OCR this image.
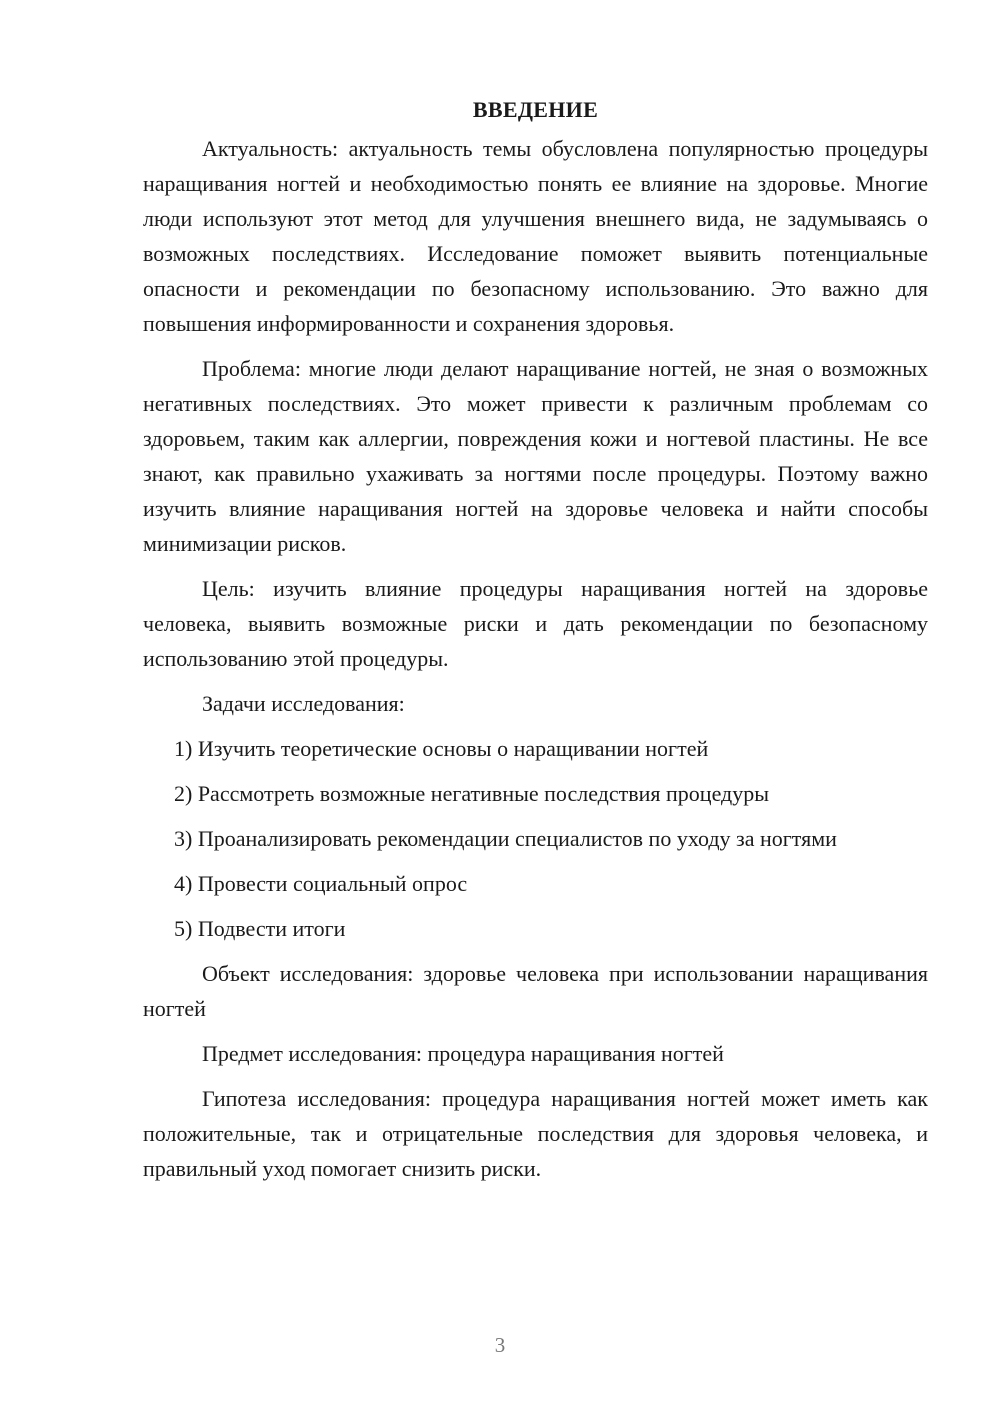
ВВЕДЕНИЕ

Актуальность: актуальность темы обусловлена популярностью процедуры наращивания ногтей и необходимостью понять ее влияние на здоровье. Многие люди используют этот метод для улучшения внешнего вида, не задумываясь о возможных последствиях. Исследование поможет выявить потенциальные опасности и рекомендации по безопасному использованию. Это важно для повышения информированности и сохранения здоровья.

Проблема: многие люди делают наращивание ногтей, не зная о возможных негативных последствиях. Это может привести к различным проблемам со здоровьем, таким как аллергии, повреждения кожи и ногтевой пластины. Не все знают, как правильно ухаживать за ногтями после процедуры. Поэтому важно изучить влияние наращивания ногтей на здоровье человека и найти способы минимизации рисков.

Цель: изучить влияние процедуры наращивания ногтей на здоровье человека, выявить возможные риски и дать рекомендации по безопасному использованию этой процедуры.

Задачи исследования:

1) Изучить теоретические основы о наращивании ногтей

2) Рассмотреть возможные негативные последствия процедуры

3) Проанализировать рекомендации специалистов по уходу за ногтями

4) Провести социальный опрос

5) Подвести итоги

Объект исследования: здоровье человека при использовании наращивания ногтей

Предмет исследования: процедура наращивания ногтей

Гипотеза исследования: процедура наращивания ногтей может иметь как положительные, так и отрицательные последствия для здоровья человека, и правильный уход помогает снизить риски.

3
